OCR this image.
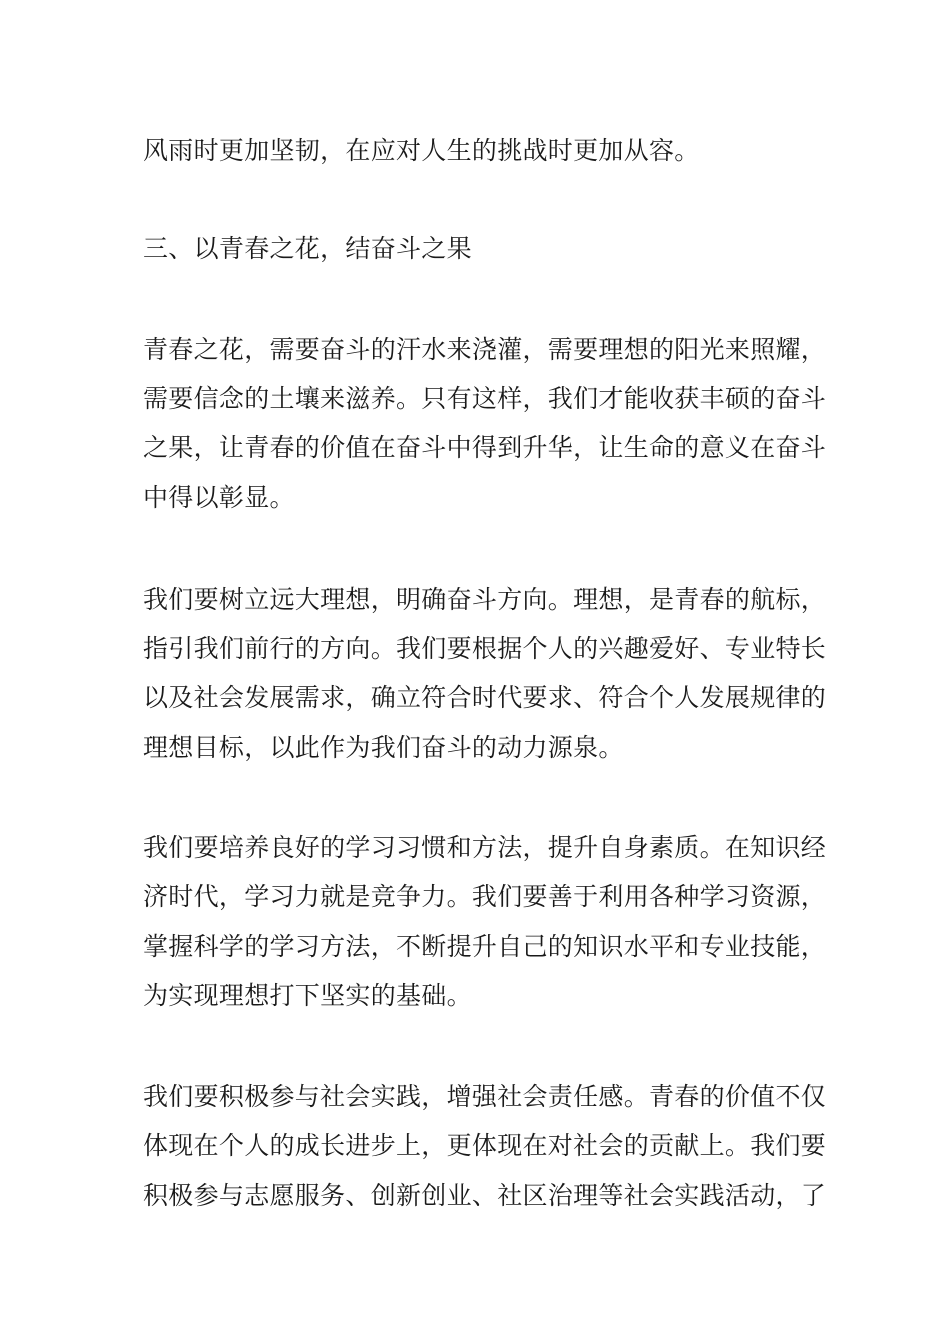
风雨时更加坚韧，在应对人生的挑战时更加从容。
三、以青春之花，结奋斗之果
青春之花，需要奋斗的汗水来浇灌，需要理想的阳光来照耀，
需要信念的土壤来滋养。只有这样，我们才能收获丰硕的奋斗
之果，让青春的价值在奋斗中得到升华，让生命的意义在奋斗
中得以彰显。
我们要树立远大理想，明确奋斗方向。理想，是青春的航标，
指引我们前行的方向。我们要根据个人的兴趣爱好、专业特长
以及社会发展需求，确立符合时代要求、符合个人发展规律的
理想目标，以此作为我们奋斗的动力源泉。
我们要培养良好的学习习惯和方法，提升自身素质。在知识经
济时代，学习力就是竞争力。我们要善于利用各种学习资源，
掌握科学的学习方法，不断提升自己的知识水平和专业技能，
为实现理想打下坚实的基础。
我们要积极参与社会实践，增强社会责任感。青春的价值不仅
体现在个人的成长进步上，更体现在对社会的贡献上。我们要
积极参与志愿服务、创新创业、社区治理等社会实践活动，了
